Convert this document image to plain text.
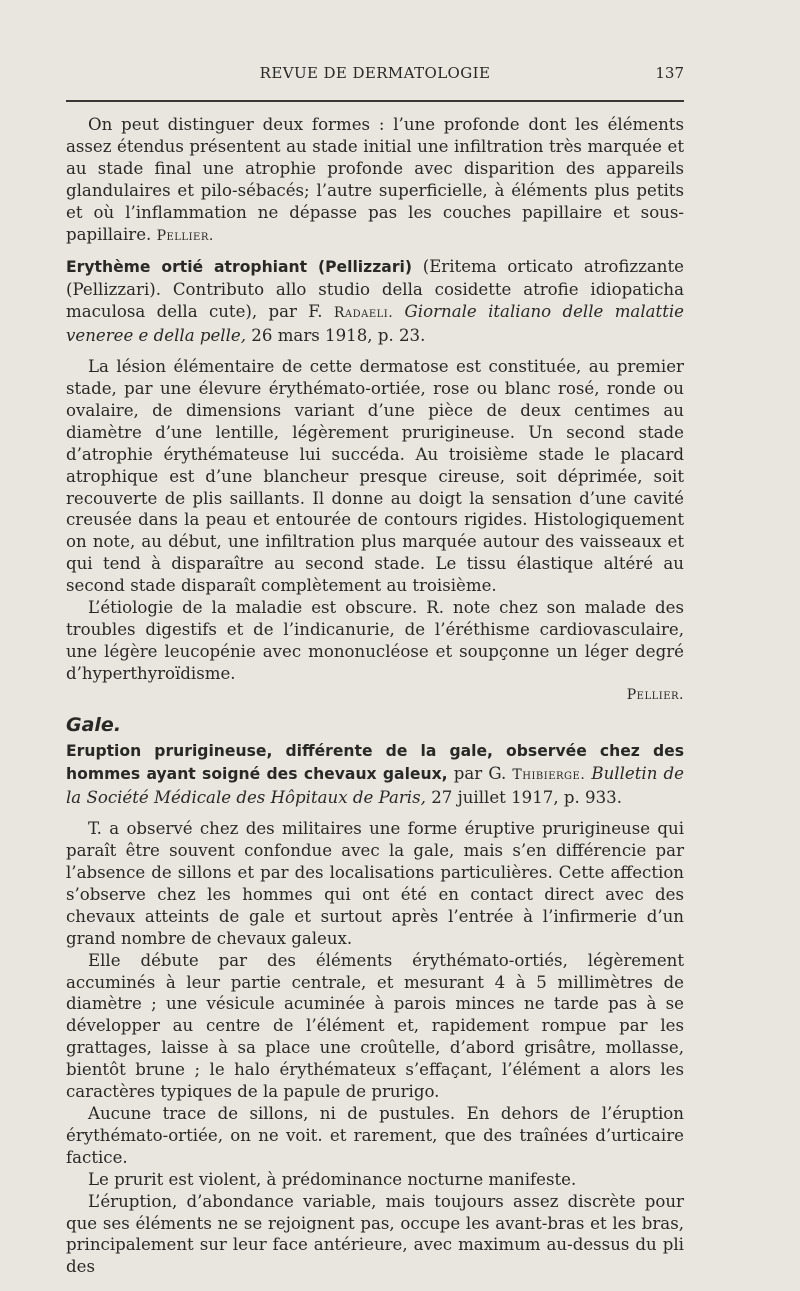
REVUE DE DERMATOLOGIE	137

On peut distinguer deux formes : l’une profonde dont les éléments assez étendus présentent au stade initial une infiltration très marquée et au stade final une atrophie profonde avec disparition des appareils glandulaires et pilo-sébacés; l’autre superficielle, à éléments plus petits et où l’inflammation ne dépasse pas les couches papillaire et sous-papillaire. Pellier.

Erythème ortié atrophiant (Pellizzari) (Eritema orticato atrofizzante (Pellizzari). Contributo allo studio della cosidette atrofie idiopaticha maculosa della cute), par F. Radaeli. Giornale italiano delle malattie veneree e della pelle, 26 mars 1918, p. 23.

La lésion élémentaire de cette dermatose est constituée, au premier stade, par une élevure érythémato-ortiée, rose ou blanc rosé, ronde ou ovalaire, de dimensions variant d’une pièce de deux centimes au diamètre d’une lentille, légèrement prurigineuse. Un second stade d’atrophie érythémateuse lui succéda. Au troisième stade le placard atrophique est d’une blancheur presque cireuse, soit déprimée, soit recouverte de plis saillants. Il donne au doigt la sensation d’une cavité creusée dans la peau et entourée de contours rigides. Histologiquement on note, au début, une infiltration plus marquée autour des vaisseaux et qui tend à disparaître au second stade. Le tissu élastique altéré au second stade disparaît complètement au troisième.

L’étiologie de la maladie est obscure. R. note chez son malade des troubles digestifs et de l’indicanurie, de l’éréthisme cardiovasculaire, une légère leucopénie avec mononucléose et soupçonne un léger degré d’hyperthyroïdisme.
Pellier.

Gale.

Eruption prurigineuse, différente de la gale, observée chez des hommes ayant soigné des chevaux galeux, par G. Thibierge. Bulletin de la Société Médicale des Hôpitaux de Paris, 27 juillet 1917, p. 933.

T. a observé chez des militaires une forme éruptive prurigineuse qui paraît être souvent confondue avec la gale, mais s’en différencie par l’absence de sillons et par des localisations particulières. Cette affection s’observe chez les hommes qui ont été en contact direct avec des chevaux atteints de gale et surtout après l’entrée à l’infirmerie d’un grand nombre de chevaux galeux.

Elle débute par des éléments érythémato-ortiés, légèrement accuminés à leur partie centrale, et mesurant 4 à 5 millimètres de diamètre ; une vésicule acuminée à parois minces ne tarde pas à se développer au centre de l’élément et, rapidement rompue par les grattages, laisse à sa place une croûtelle, d’abord grisâtre, mollasse, bientôt brune ; le halo érythémateux s’effaçant, l’élément a alors les caractères typiques de la papule de prurigo.

Aucune trace de sillons, ni de pustules. En dehors de l’éruption érythémato-ortiée, on ne voit. et rarement, que des traînées d’urticaire factice.

Le prurit est violent, à prédominance nocturne manifeste.

L’éruption, d’abondance variable, mais toujours assez discrète pour que ses éléments ne se rejoignent pas, occupe les avant-bras et les bras, principalement sur leur face antérieure, avec maximum au-dessus du pli des
